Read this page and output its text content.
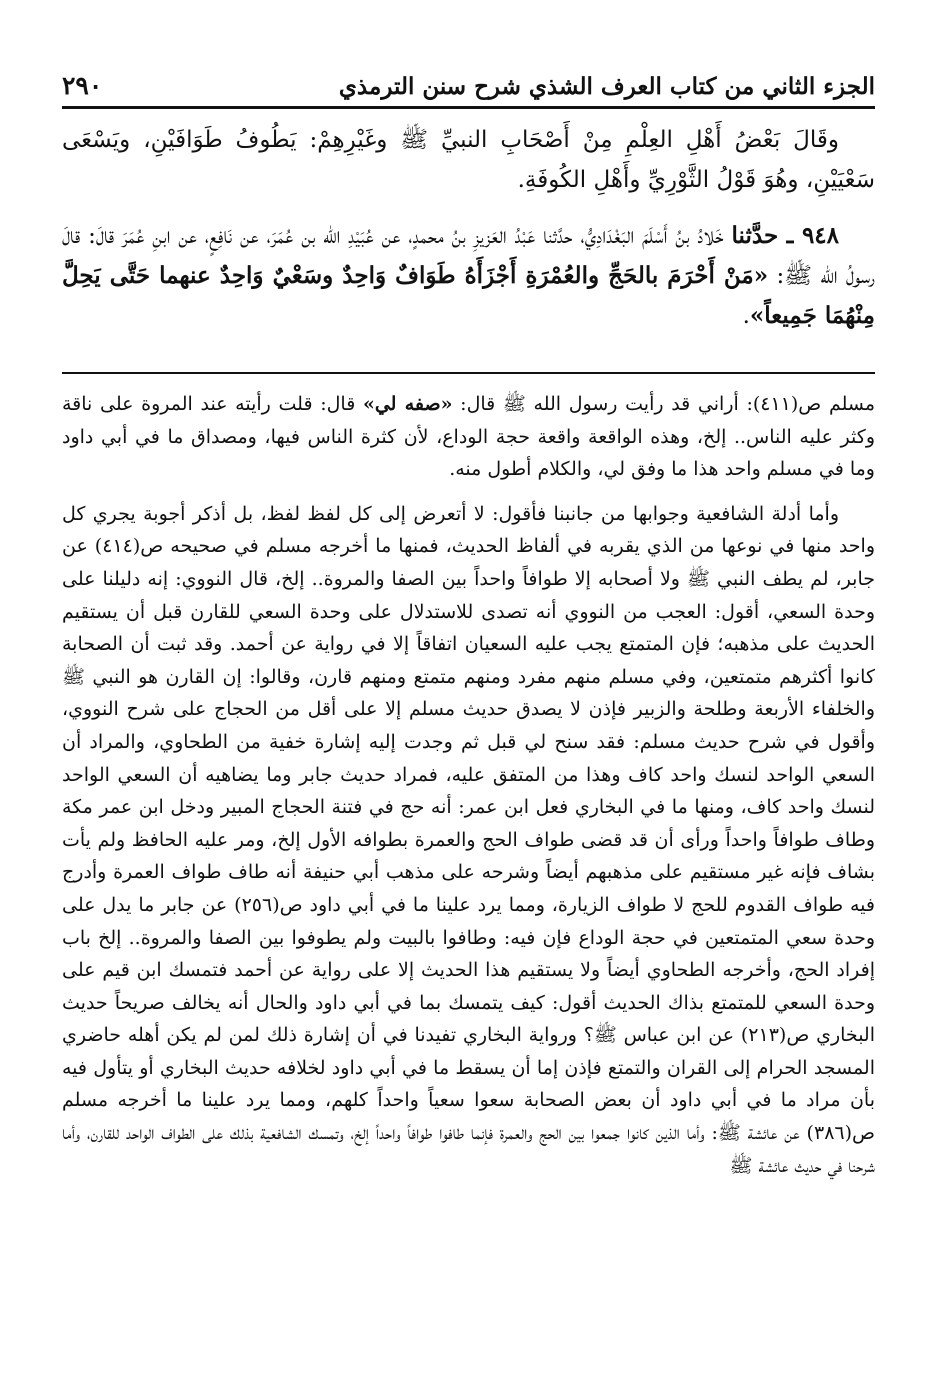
الجزء الثاني من كتاب العرف الشذي شرح سنن الترمذي
٢٩٠

وقَالَ بَعْضُ أَهْلِ العِلْمِ مِنْ أَصْحَابِ النبيِّ ﷺ وغَيْرِهِمْ: يَطُوفُ طَوَافَيْنِ، ويَسْعَى سَعْيَيْنِ، وهُوَ قَوْلُ الثَّوْرِيِّ وأَهْلِ الكُوفَةِ.

٩٤٨ ـ حدَّثنا خَلادُ بنُ أَسْلَمَ البَغْدَادِيُّ، حدَّثنا عَبْدُ العَزيزِ بنُ محمدٍ، عن عُبَيْدِ الله بن عُمَرَ، عن نَافِعٍ، عن ابنِ عُمَرَ قالَ: قالَ رسولُ الله ﷺ: «مَنْ أَحْرَمَ بالحَجِّ والعُمْرَةِ أَجْزَأَهُ طَوَافٌ وَاحِدٌ وسَعْيٌ وَاحِدٌ عنهما حَتَّى يَحِلَّ مِنْهُمَا جَمِيعاً».

مسلم ص(٤١١): أراني قد رأيت رسول الله ﷺ قال: «صفه لي» قال: قلت رأيته عند المروة على ناقة وكثر عليه الناس.. إلخ، وهذه الواقعة واقعة حجة الوداع، لأن كثرة الناس فيها، ومصداق ما في أبي داود وما في مسلم واحد هذا ما وفق لي، والكلام أطول منه.

وأما أدلة الشافعية وجوابها من جانبنا فأقول: لا أتعرض إلى كل لفظ لفظ، بل أذكر أجوبة يجري كل واحد منها في نوعها من الذي يقربه في ألفاظ الحديث، فمنها ما أخرجه مسلم في صحيحه ص(٤١٤) عن جابر، لم يطف النبي ﷺ ولا أصحابه إلا طوافاً واحداً بين الصفا والمروة.. إلخ، قال النووي: إنه دليلنا على وحدة السعي، أقول: العجب من النووي أنه تصدى للاستدلال على وحدة السعي للقارن قبل أن يستقيم الحديث على مذهبه؛ فإن المتمتع يجب عليه السعيان اتفاقاً إلا في رواية عن أحمد. وقد ثبت أن الصحابة كانوا أكثرهم متمتعين، وفي مسلم منهم مفرد ومنهم متمتع ومنهم قارن، وقالوا: إن القارن هو النبي ﷺ والخلفاء الأربعة وطلحة والزبير فإذن لا يصدق حديث مسلم إلا على أقل من الحجاج على شرح النووي، وأقول في شرح حديث مسلم: فقد سنح لي قبل ثم وجدت إليه إشارة خفية من الطحاوي، والمراد أن السعي الواحد لنسك واحد كاف وهذا من المتفق عليه، فمراد حديث جابر وما يضاهيه أن السعي الواحد لنسك واحد كاف، ومنها ما في البخاري فعل ابن عمر: أنه حج في فتنة الحجاج المبير ودخل ابن عمر مكة وطاف طوافاً واحداً ورأى أن قد قضى طواف الحج والعمرة بطوافه الأول إلخ، ومر عليه الحافظ ولم يأت بشاف فإنه غير مستقيم على مذهبهم أيضاً وشرحه على مذهب أبي حنيفة أنه طاف طواف العمرة وأدرج فيه طواف القدوم للحج لا طواف الزيارة، ومما يرد علينا ما في أبي داود ص(٢٥٦) عن جابر ما يدل على وحدة سعي المتمتعين في حجة الوداع فإن فيه: وطافوا بالبيت ولم يطوفوا بين الصفا والمروة.. إلخ باب إفراد الحج، وأخرجه الطحاوي أيضاً ولا يستقيم هذا الحديث إلا على رواية عن أحمد فتمسك ابن قيم على وحدة السعي للمتمتع بذاك الحديث أقول: كيف يتمسك بما في أبي داود والحال أنه يخالف صريحاً حديث البخاري ص(٢١٣) عن ابن عباس ﷺ؟ ورواية البخاري تفيدنا في أن إشارة ذلك لمن لم يكن أهله حاضري المسجد الحرام إلى القران والتمتع فإذن إما أن يسقط ما في أبي داود لخلافه حديث البخاري أو يتأول فيه بأن مراد ما في أبي داود أن بعض الصحابة سعوا سعياً واحداً كلهم، ومما يرد علينا ما أخرجه مسلم ص(٣٨٦) عن عائشة ﷺ: وأما الذين كانوا جمعوا بين الحج والعمرة فإنما طافوا طوافاً واحداً إلخ، وتمسك الشافعية بذلك على الطواف الواحد للقارن، وأما شرحنا في حديث عائشة ﷺ
